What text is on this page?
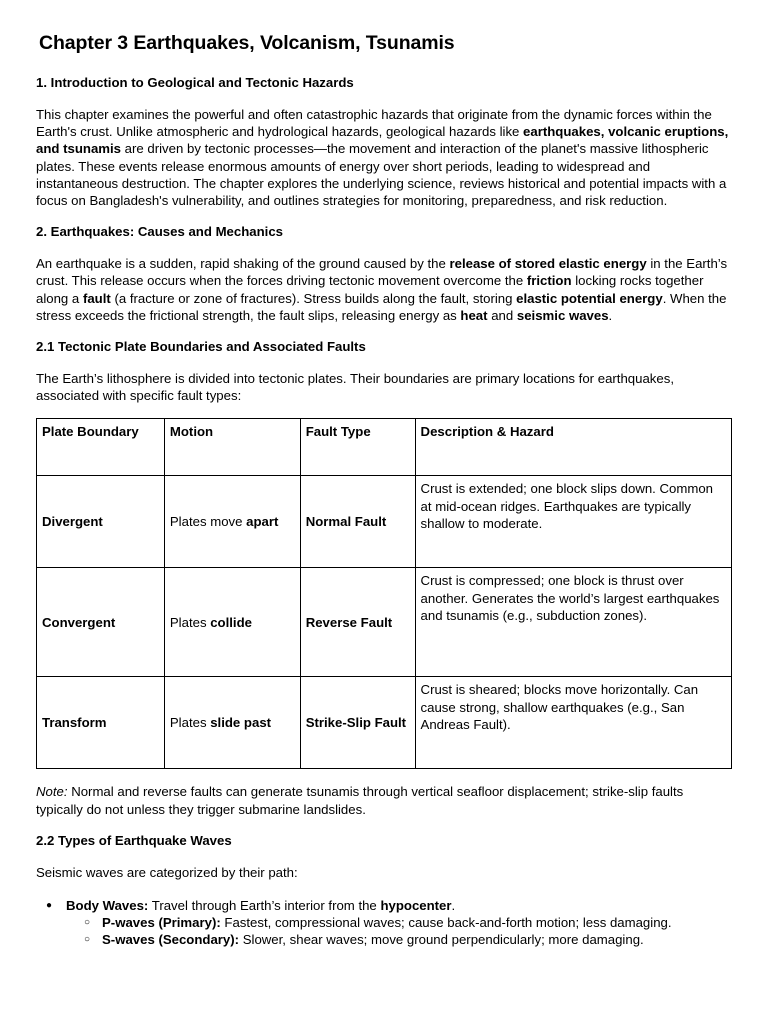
Chapter 3 Earthquakes, Volcanism, Tsunamis
1. Introduction to Geological and Tectonic Hazards

This chapter examines the powerful and often catastrophic hazards that originate from the dynamic forces within the Earth's crust. Unlike atmospheric and hydrological hazards, geological hazards like earthquakes, volcanic eruptions, and tsunamis are driven by tectonic processes—the movement and interaction of the planet's massive lithospheric plates. These events release enormous amounts of energy over short periods, leading to widespread and instantaneous destruction. The chapter explores the underlying science, reviews historical and potential impacts with a focus on Bangladesh's vulnerability, and outlines strategies for monitoring, preparedness, and risk reduction.

2. Earthquakes: Causes and Mechanics

An earthquake is a sudden, rapid shaking of the ground caused by the release of stored elastic energy in the Earth’s crust. This release occurs when the forces driving tectonic movement overcome the friction locking rocks together along a fault (a fracture or zone of fractures). Stress builds along the fault, storing elastic potential energy. When the stress exceeds the frictional strength, the fault slips, releasing energy as heat and seismic waves.

2.1 Tectonic Plate Boundaries and Associated Faults

The Earth’s lithosphere is divided into tectonic plates. Their boundaries are primary locations for earthquakes, associated with specific fault types:

Plate Boundary	Motion	Fault Type	Description & Hazard
Divergent	Plates move apart	Normal Fault	Crust is extended; one block slips down. Common at mid-ocean ridges. Earthquakes are typically shallow to moderate.
Convergent	Plates collide	Reverse Fault	Crust is compressed; one block is thrust over another. Generates the world’s largest earthquakes and tsunamis (e.g., subduction zones).
Transform	Plates slide past	Strike-Slip Fault	Crust is sheared; blocks move horizontally. Can cause strong, shallow earthquakes (e.g., San Andreas Fault).

Note: Normal and reverse faults can generate tsunamis through vertical seafloor displacement; strike-slip faults typically do not unless they trigger submarine landslides.

2.2 Types of Earthquake Waves

Seismic waves are categorized by their path:

● Body Waves: Travel through Earth’s interior from the hypocenter.
○ P-waves (Primary): Fastest, compressional waves; cause back-and-forth motion; less damaging.
○ S-waves (Secondary): Slower, shear waves; move ground perpendicularly; more damaging.
